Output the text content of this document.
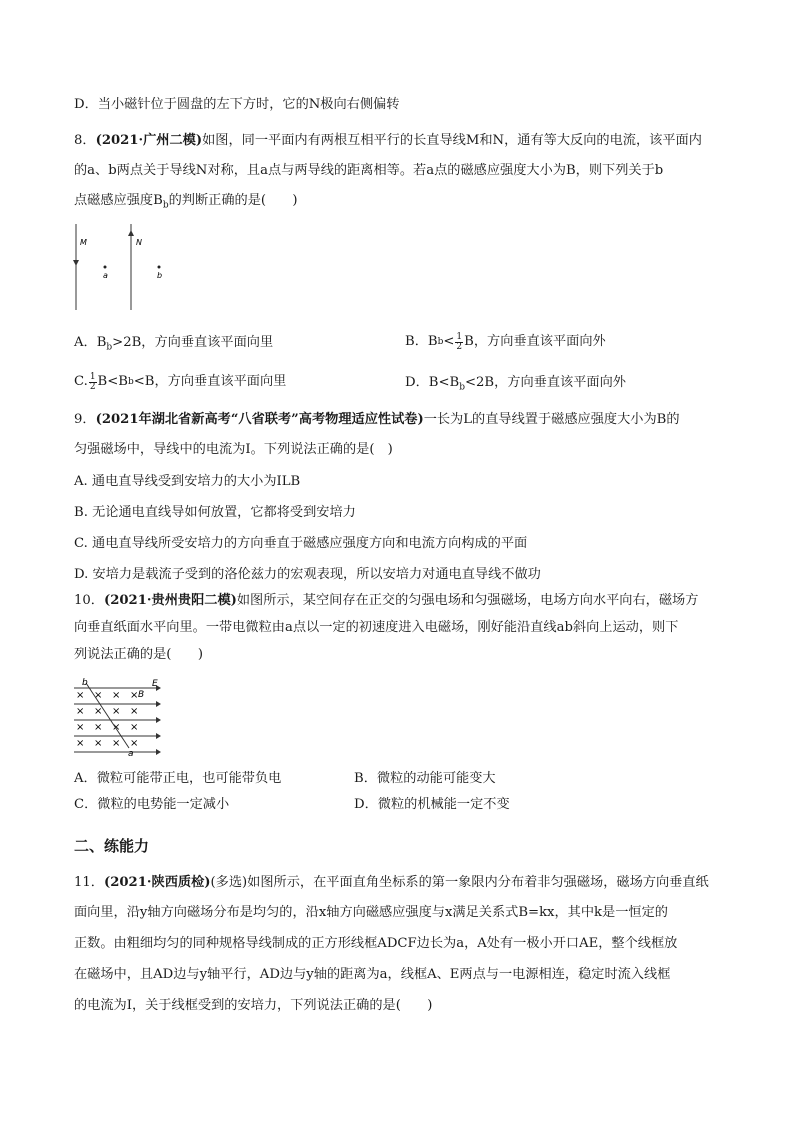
D．当小磁针位于圆盘的左下方时，它的N极向右侧偏转
8．(2021·广州二模)如图，同一平面内有两根互相平行的长直导线M和N，通有等大反向的电流，该平面内
的a、b两点关于导线N对称，且a点与两导线的距离相等。若a点的磁感应强度大小为B，则下列关于b
点磁感应强度$B_b$的判断正确的是(　　)
M	N
a	b
A．$B_b>2B$，方向垂直该平面向里	B．B $b < \frac{1}{2}$ B，方向垂直该平面向外
C. $\frac{1}{2} B<B$ b <B，方向垂直该平面向里	D．$B<B_b<2B$，方向垂直该平面向外
9．(2021年湖北省新高考“八省联考”高考物理适应性试卷)一长为L的直导线置于磁感应强度大小为B的
匀强磁场中，导线中的电流为I。下列说法正确的是(　)
A. 通电直导线受到安培力的大小为ILB
B. 无论通电直线导如何放置，它都将受到安培力
C. 通电直导线所受安培力的方向垂直于磁感应强度方向和电流方向构成的平面
D. 安培力是载流子受到的洛伦兹力的宏观表现，所以安培力对通电直导线不做功
10．(2021·贵州贵阳二模)如图所示，某空间存在正交的匀强电场和匀强磁场，电场方向水平向右，磁场方
向垂直纸面水平向里。一带电微粒由a点以一定的初速度进入电磁场，刚好能沿直线ab斜向上运动，则下
列说法正确的是(　　)
× × × ×
× × × ×
× × × ×
× × × ×
b
a
B
E
A．微粒可能带正电，也可能带负电	B．微粒的动能可能变大
C．微粒的电势能一定减小	D．微粒的机械能一定不变
二、练能力
11．(2021·陕西质检)(多选)如图所示，在平面直角坐标系的第一象限内分布着非匀强磁场，磁场方向垂直纸
面向里，沿y轴方向磁场分布是均匀的，沿x轴方向磁感应强度与x满足关系式B=kx，其中k是一恒定的
正数。由粗细均匀的同种规格导线制成的正方形线框ADCF边长为a，A处有一极小开口AE，整个线框放
在磁场中，且AD边与y轴平行，AD边与y轴的距离为a，线框A、E两点与一电源相连，稳定时流入线框
的电流为I，关于线框受到的安培力，下列说法正确的是(　　)
